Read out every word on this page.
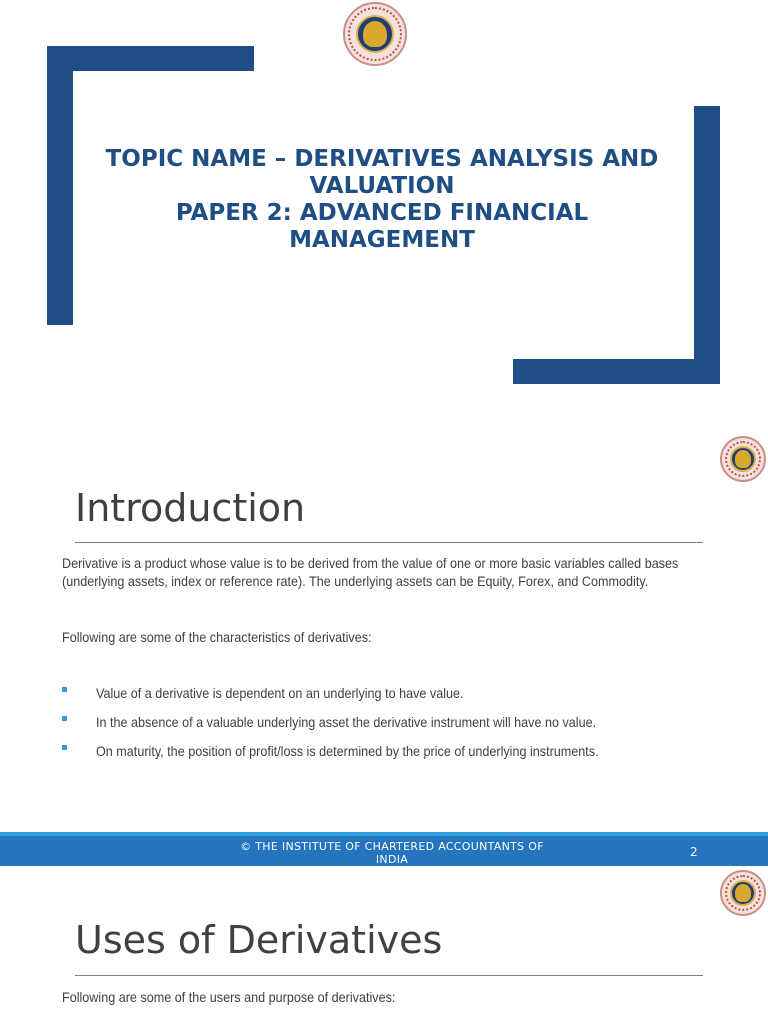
TOPIC NAME – DERIVATIVES ANALYSIS AND
VALUATION
PAPER 2: ADVANCED FINANCIAL
MANAGEMENT
Introduction
Derivative is a product whose value is to be derived from the value of one or more basic variables called bases
(underlying assets, index or reference rate). The underlying assets can be Equity, Forex, and Commodity.
Following are some of the characteristics of derivatives:
Value of a derivative is dependent on an underlying to have value.
In the absence of a valuable underlying asset the derivative instrument will have no value.
On maturity, the position of profit/loss is determined by the price of underlying instruments.
© THE INSTITUTE OF CHARTERED ACCOUNTANTS OF
INDIA
2
Uses of Derivatives
Following are some of the users and purpose of derivatives:
